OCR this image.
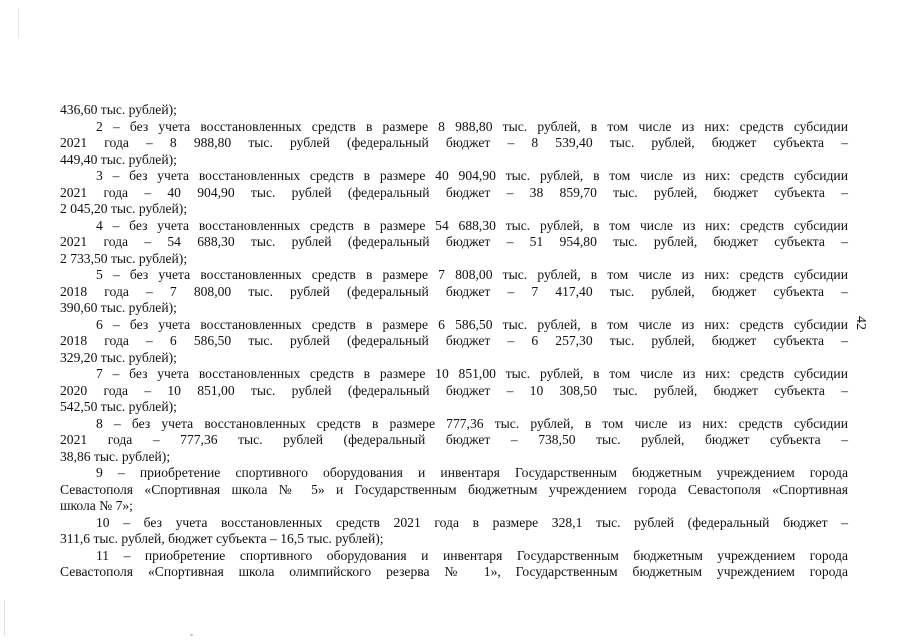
42
436,60 тыс. рублей);
2 – без учета восстановленных средств в размере 8 988,80 тыс. рублей, в том числе из них: средств субсидии
2021 года – 8 988,80 тыс. рублей (федеральный бюджет – 8 539,40 тыс. рублей, бюджет субъекта –
449,40 тыс. рублей);
3 – без учета восстановленных средств в размере 40 904,90 тыс. рублей, в том числе из них: средств субсидии
2021 года – 40 904,90 тыс. рублей (федеральный бюджет – 38 859,70 тыс. рублей, бюджет субъекта –
2 045,20 тыс. рублей);
4 – без учета восстановленных средств в размере 54 688,30 тыс. рублей, в том числе из них: средств субсидии
2021 года – 54 688,30 тыс. рублей (федеральный бюджет – 51 954,80 тыс. рублей, бюджет субъекта –
2 733,50 тыс. рублей);
5 – без учета восстановленных средств в размере 7 808,00 тыс. рублей, в том числе из них: средств субсидии
2018 года – 7 808,00 тыс. рублей (федеральный бюджет – 7 417,40 тыс. рублей, бюджет субъекта –
390,60 тыс. рублей);
6 – без учета восстановленных средств в размере 6 586,50 тыс. рублей, в том числе из них: средств субсидии
2018 года – 6 586,50 тыс. рублей (федеральный бюджет – 6 257,30 тыс. рублей, бюджет субъекта –
329,20 тыс. рублей);
7 – без учета восстановленных средств в размере 10 851,00 тыс. рублей, в том числе из них: средств субсидии
2020 года – 10 851,00 тыс. рублей (федеральный бюджет – 10 308,50 тыс. рублей, бюджет субъекта –
542,50 тыс. рублей);
8 – без учета восстановленных средств в размере 777,36 тыс. рублей, в том числе из них: средств субсидии
2021 года – 777,36 тыс. рублей (федеральный бюджет – 738,50 тыс. рублей, бюджет субъекта –
38,86 тыс. рублей);
9 – приобретение спортивного оборудования и инвентаря Государственным бюджетным учреждением города
Севастополя «Спортивная школа № 5» и Государственным бюджетным учреждением города Севастополя «Спортивная
школа № 7»;
10 – без учета восстановленных средств 2021 года в размере 328,1 тыс. рублей (федеральный бюджет –
311,6 тыс. рублей, бюджет субъекта – 16,5 тыс. рублей);
11 – приобретение спортивного оборудования и инвентаря Государственным бюджетным учреждением города
Севастополя «Спортивная школа олимпийского резерва № 1», Государственным бюджетным учреждением города
